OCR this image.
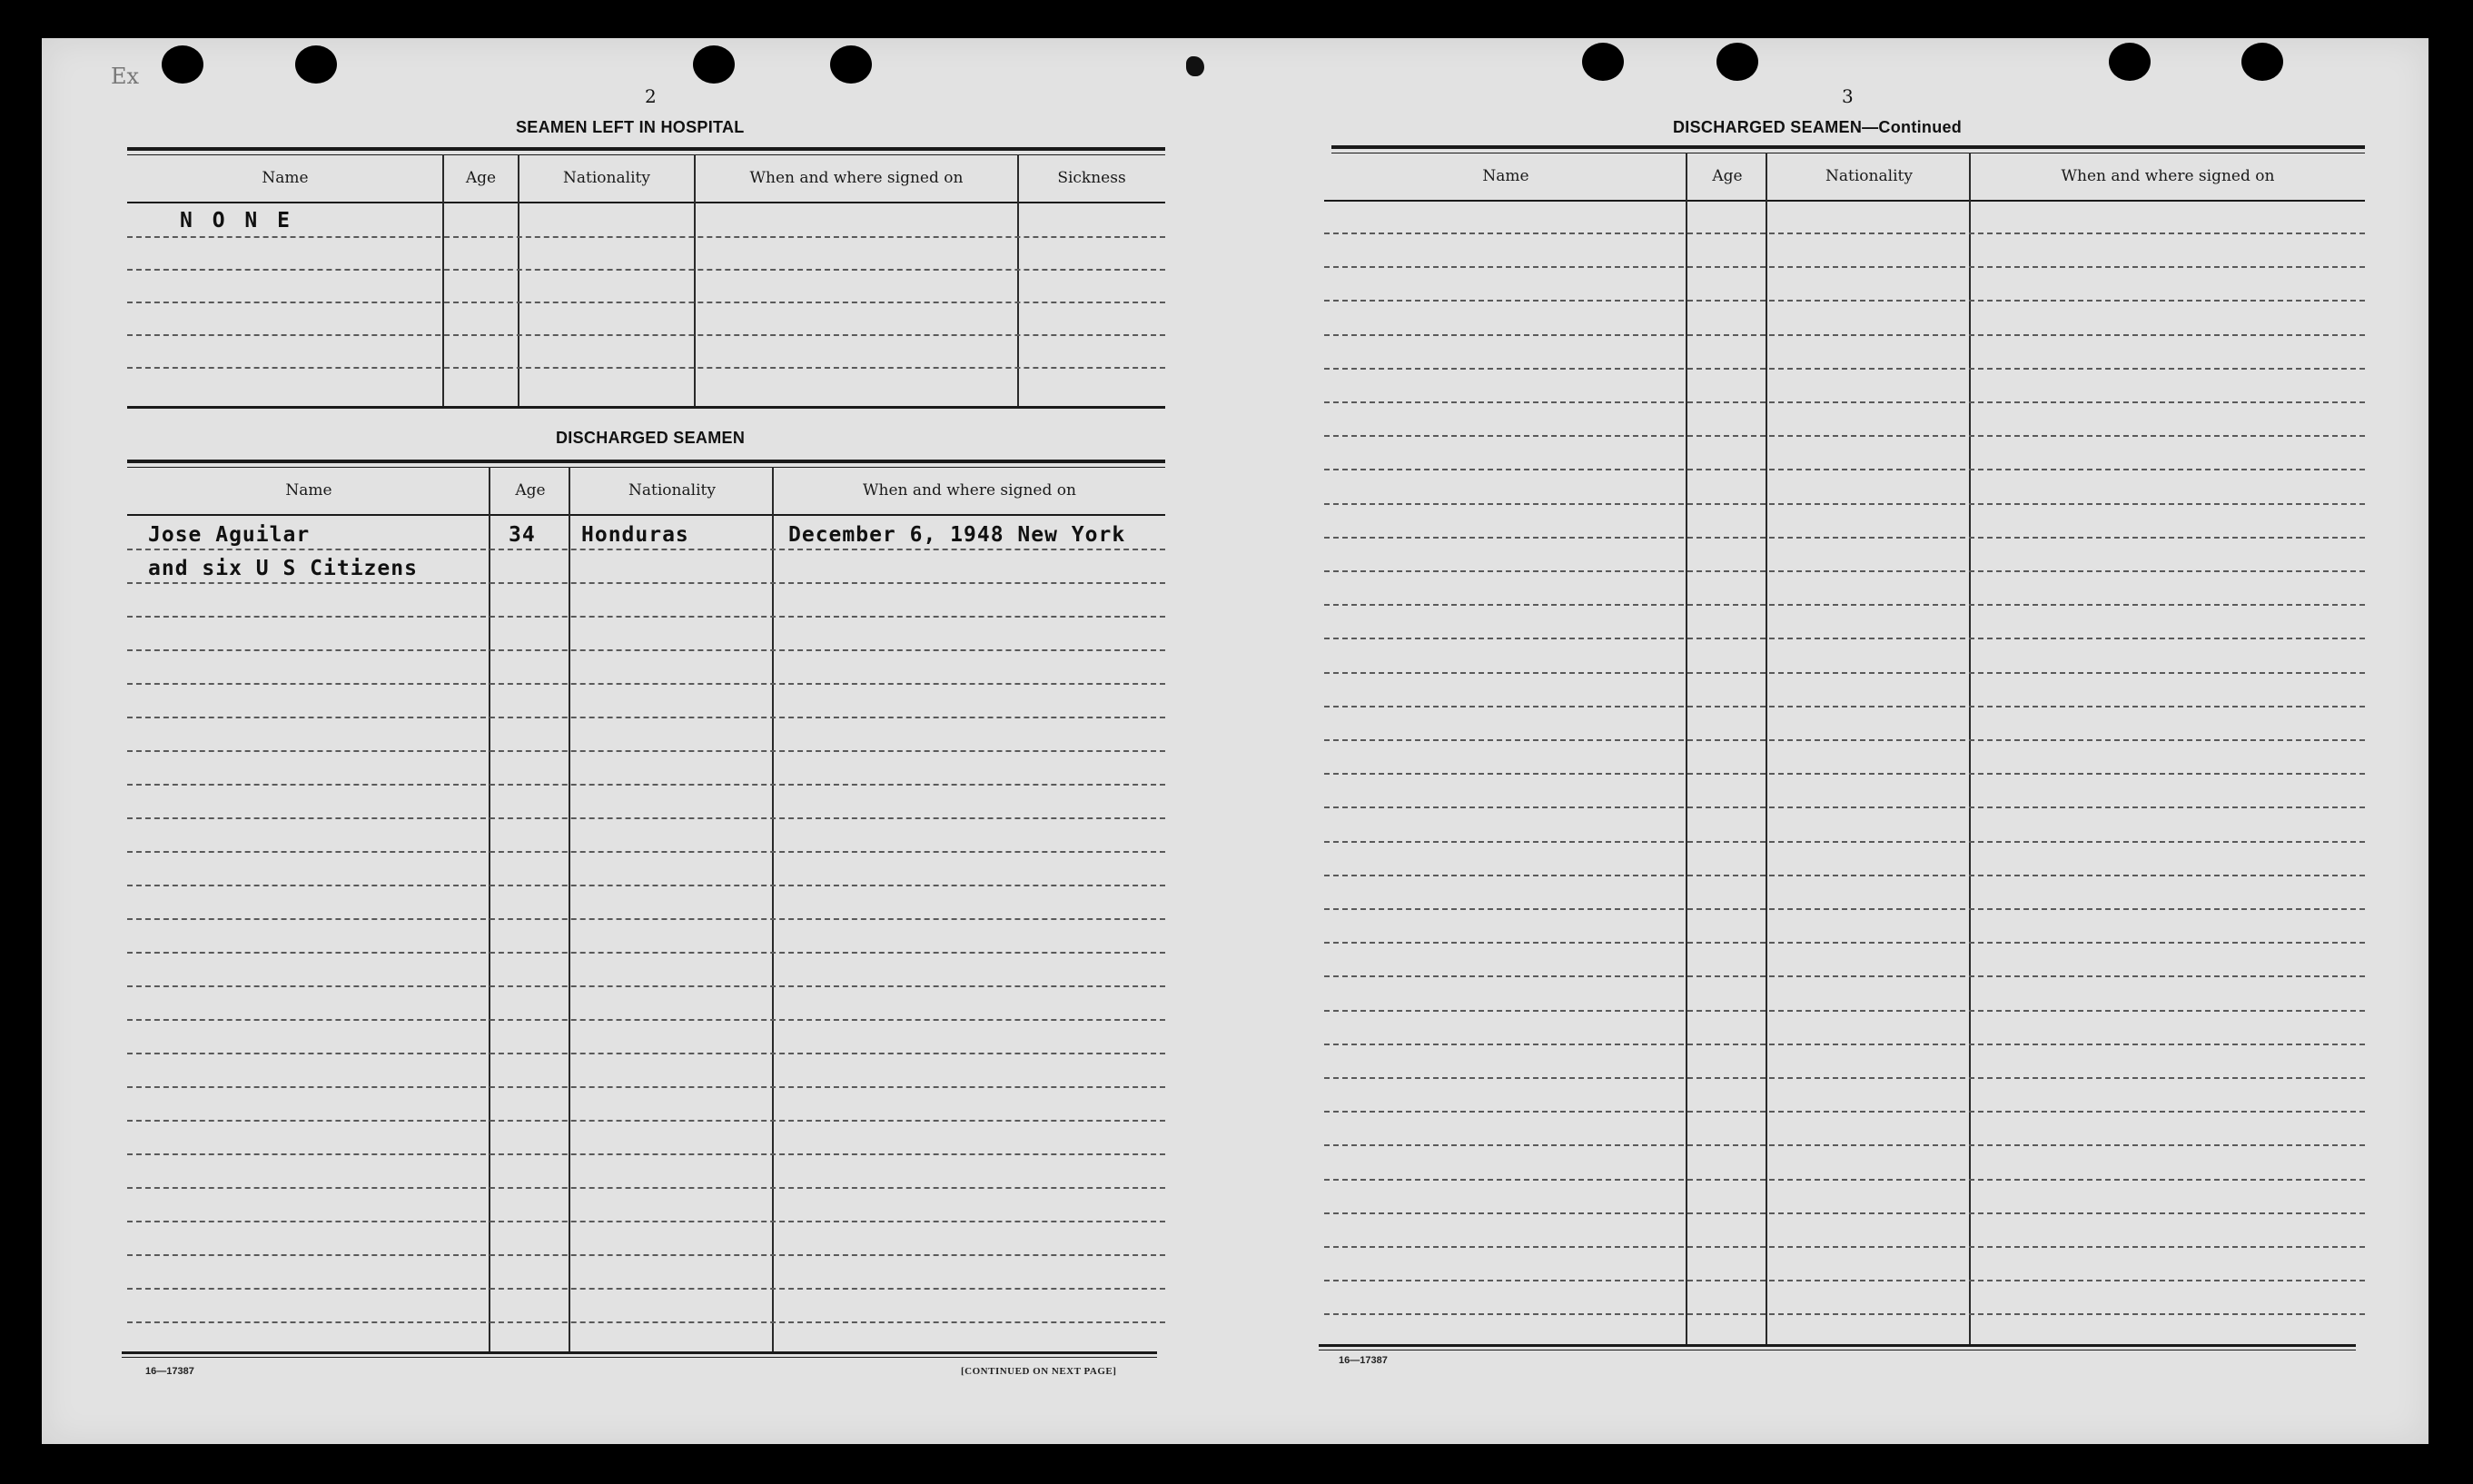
Ex
2
SEAMEN LEFT IN HOSPITAL
Name	Age	Nationality	When and where signed on	Sickness
N O N E
DISCHARGED SEAMEN
Name	Age	Nationality	When and where signed on
Jose Aguilar	34 Honduras	December 6, 1948 New York
and six U S Citizens
16—17387	[CONTINUED ON NEXT PAGE]
3
DISCHARGED SEAMEN—Continued
Name	Age	Nationality	When and where signed on
16—17387
